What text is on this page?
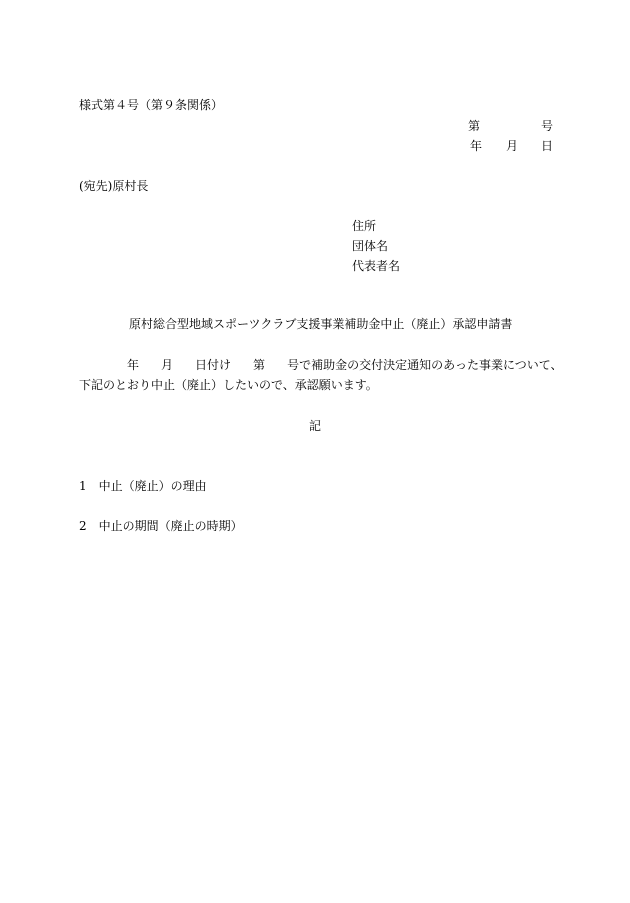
様式第４号（第９条関係）
第	号
年 月 日
(宛先)原村長
住所
団体名
代表者名
原村総合型地域スポーツクラブ支援事業補助金中止（廃止）承認申請書
年 月 日付け 第 号で補助金の交付決定通知のあった事業について、
下記のとおり中止（廃止）したいので、承認願います。
記
1 中止（廃止）の理由
2 中止の期間（廃止の時期）
